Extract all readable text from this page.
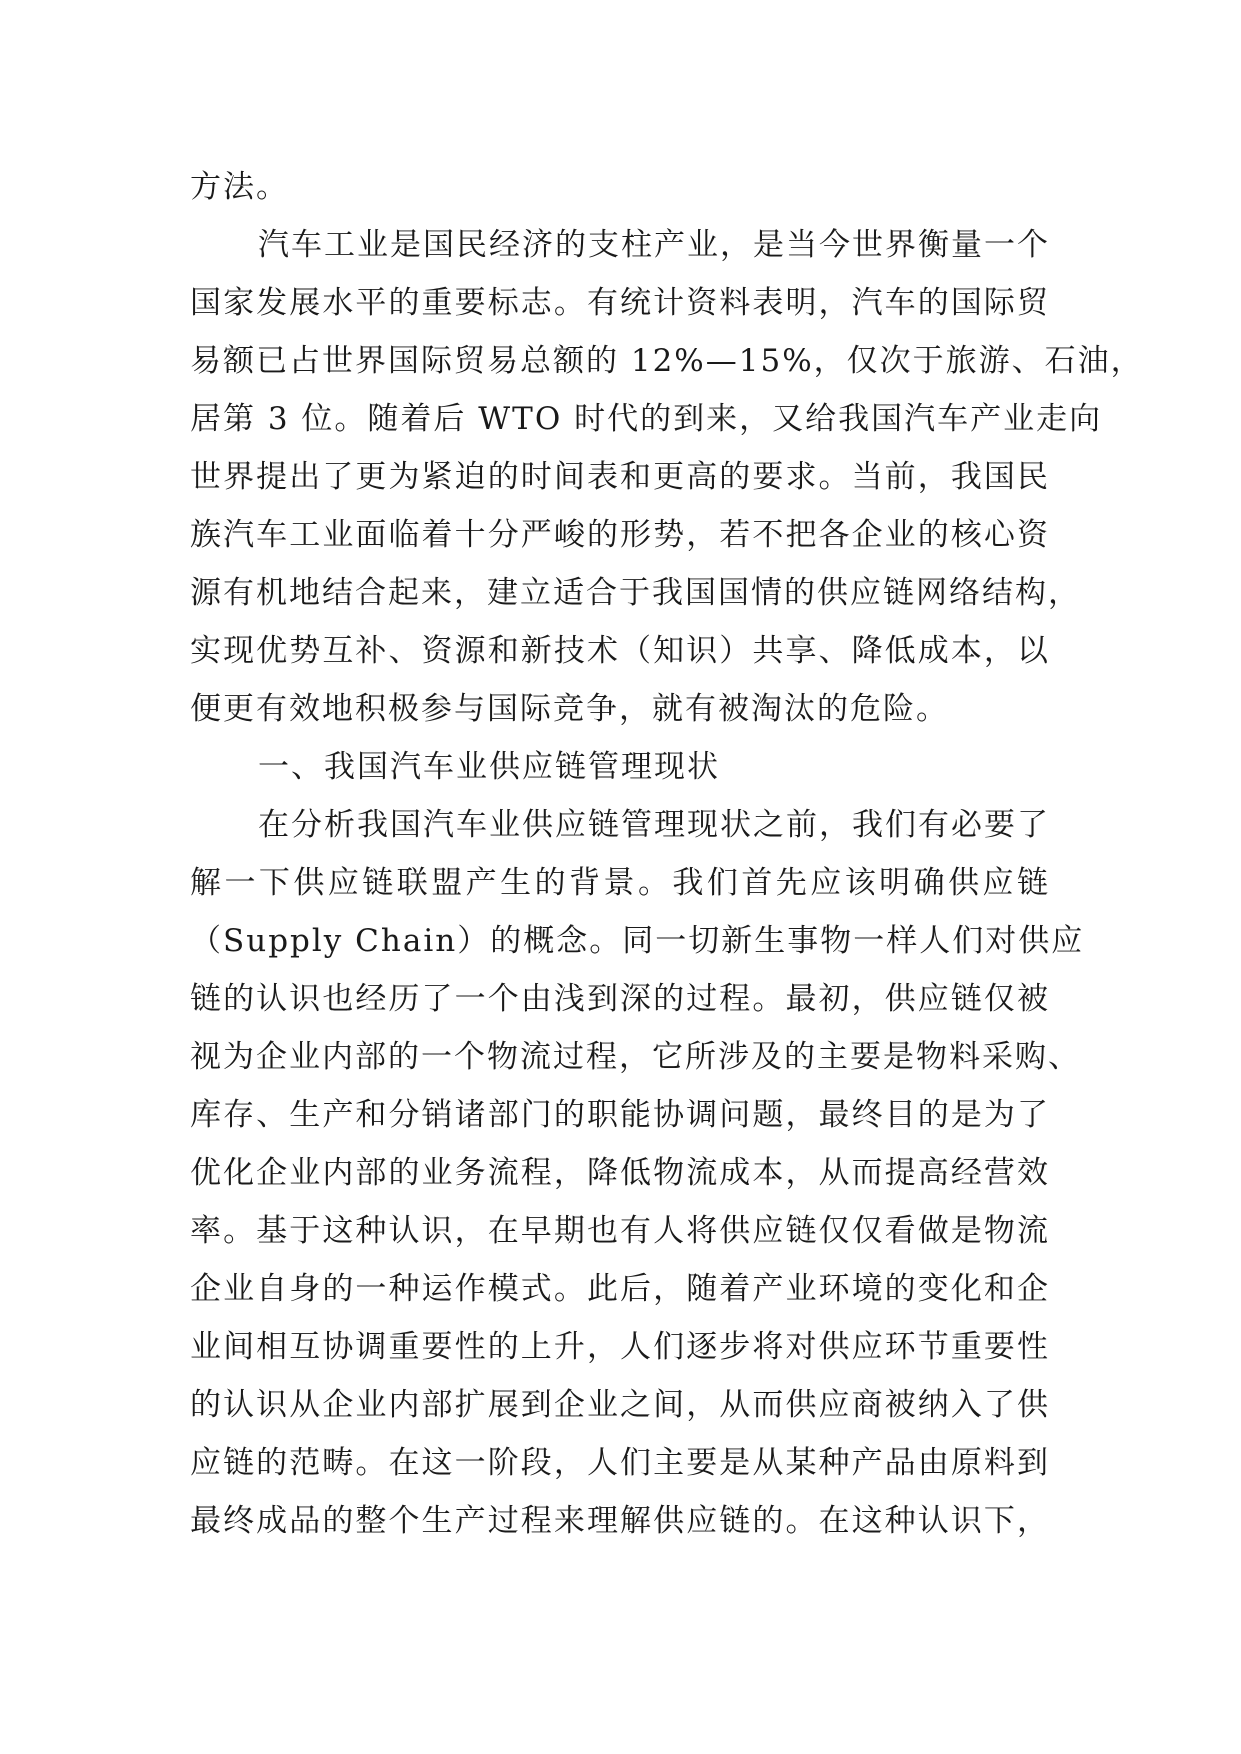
方法。
汽车工业是国民经济的支柱产业，是当今世界衡量一个
国家发展水平的重要标志。有统计资料表明，汽车的国际贸
易额已占世界国际贸易总额的 12%—15%，仅次于旅游、石油，
居第 3 位。随着后 WTO 时代的到来，又给我国汽车产业走向
世界提出了更为紧迫的时间表和更高的要求。当前，我国民
族汽车工业面临着十分严峻的形势，若不把各企业的核心资
源有机地结合起来，建立适合于我国国情的供应链网络结构，
实现优势互补、资源和新技术（知识）共享、降低成本，以
便更有效地积极参与国际竞争，就有被淘汰的危险。
一、我国汽车业供应链管理现状
在分析我国汽车业供应链管理现状之前，我们有必要了
解一下供应链联盟产生的背景。我们首先应该明确供应链
（Supply Chain）的概念。同一切新生事物一样人们对供应
链的认识也经历了一个由浅到深的过程。最初，供应链仅被
视为企业内部的一个物流过程，它所涉及的主要是物料采购、
库存、生产和分销诸部门的职能协调问题，最终目的是为了
优化企业内部的业务流程，降低物流成本，从而提高经营效
率。基于这种认识，在早期也有人将供应链仅仅看做是物流
企业自身的一种运作模式。此后，随着产业环境的变化和企
业间相互协调重要性的上升，人们逐步将对供应环节重要性
的认识从企业内部扩展到企业之间，从而供应商被纳入了供
应链的范畴。在这一阶段，人们主要是从某种产品由原料到
最终成品的整个生产过程来理解供应链的。在这种认识下，
